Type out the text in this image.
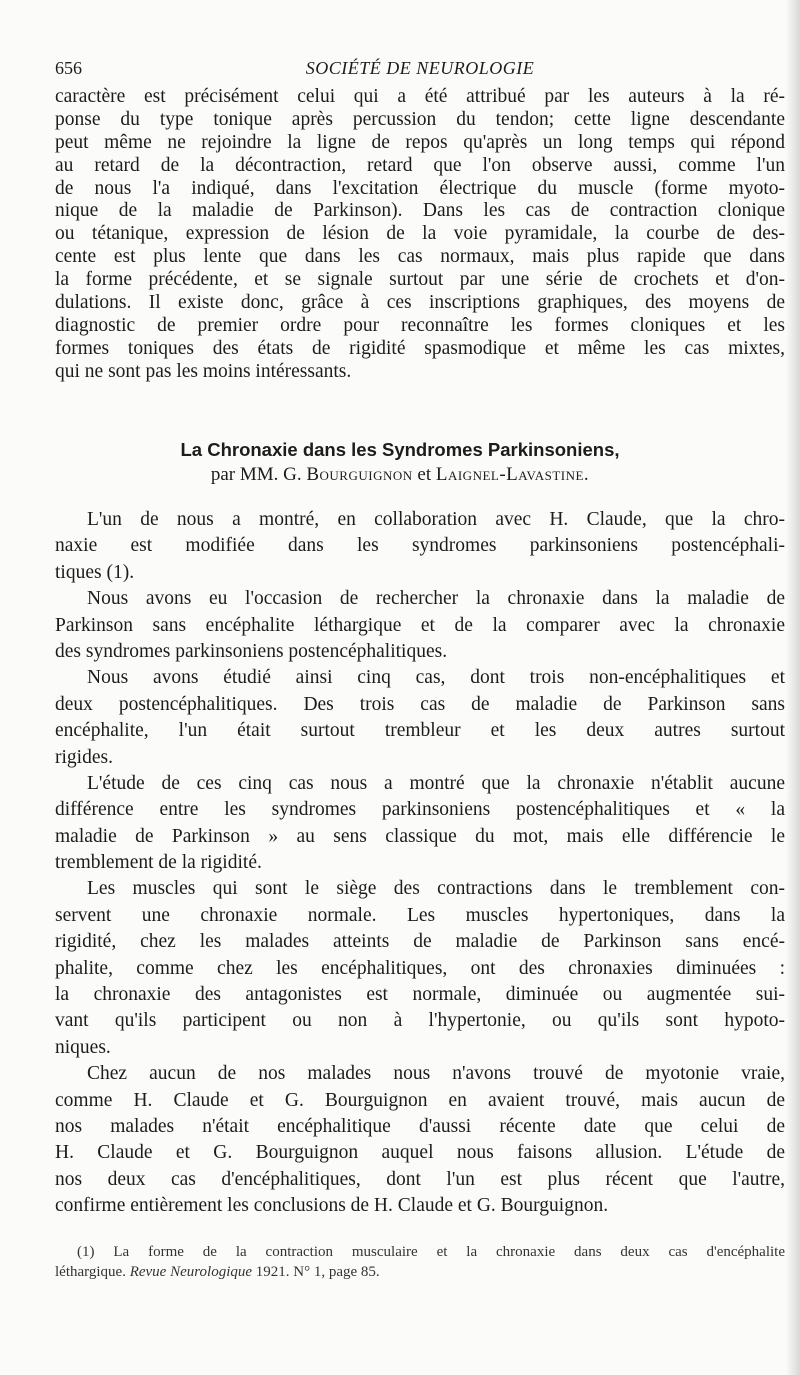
656	SOCIÉTÉ DE NEUROLOGIE
caractère est précisément celui qui a été attribué par les auteurs à la ré-
ponse du type tonique après percussion du tendon; cette ligne descendante
peut même ne rejoindre la ligne de repos qu'après un long temps qui répond
au retard de la décontraction, retard que l'on observe aussi, comme l'un
de nous l'a indiqué, dans l'excitation électrique du muscle (forme myoto-
nique de la maladie de Parkinson). Dans les cas de contraction clonique
ou tétanique, expression de lésion de la voie pyramidale, la courbe de des-
cente est plus lente que dans les cas normaux, mais plus rapide que dans
la forme précédente, et se signale surtout par une série de crochets et d'on-
dulations. Il existe donc, grâce à ces inscriptions graphiques, des moyens de
diagnostic de premier ordre pour reconnaître les formes cloniques et les
formes toniques des états de rigidité spasmodique et même les cas mixtes,
qui ne sont pas les moins intéressants.
La Chronaxie dans les Syndromes Parkinsoniens,
par MM. G. Bourguignon et Laignel-Lavastine.
L'un de nous a montré, en collaboration avec H. Claude, que la chro-
naxie est modifiée dans les syndromes parkinsoniens postencéphali-
tiques (1).
Nous avons eu l'occasion de rechercher la chronaxie dans la maladie de
Parkinson sans encéphalite léthargique et de la comparer avec la chronaxie
des syndromes parkinsoniens postencéphalitiques.
Nous avons étudié ainsi cinq cas, dont trois non-encéphalitiques et
deux postencéphalitiques. Des trois cas de maladie de Parkinson sans
encéphalite, l'un était surtout trembleur et les deux autres surtout
rigides.
L'étude de ces cinq cas nous a montré que la chronaxie n'établit aucune
différence entre les syndromes parkinsoniens postencéphalitiques et « la
maladie de Parkinson » au sens classique du mot, mais elle différencie le
tremblement de la rigidité.
Les muscles qui sont le siège des contractions dans le tremblement con-
servent une chronaxie normale. Les muscles hypertoniques, dans la
rigidité, chez les malades atteints de maladie de Parkinson sans encé-
phalite, comme chez les encéphalitiques, ont des chronaxies diminuées :
la chronaxie des antagonistes est normale, diminuée ou augmentée sui-
vant qu'ils participent ou non à l'hypertonie, ou qu'ils sont hypoto-
niques.
Chez aucun de nos malades nous n'avons trouvé de myotonie vraie,
comme H. Claude et G. Bourguignon en avaient trouvé, mais aucun de
nos malades n'était encéphalitique d'aussi récente date que celui de
H. Claude et G. Bourguignon auquel nous faisons allusion. L'étude de
nos deux cas d'encéphalitiques, dont l'un est plus récent que l'autre,
confirme entièrement les conclusions de H. Claude et G. Bourguignon.
(1) La forme de la contraction musculaire et la chronaxie dans deux cas d'encéphalite
léthargique. Revue Neurologique 1921. N° 1, page 85.
